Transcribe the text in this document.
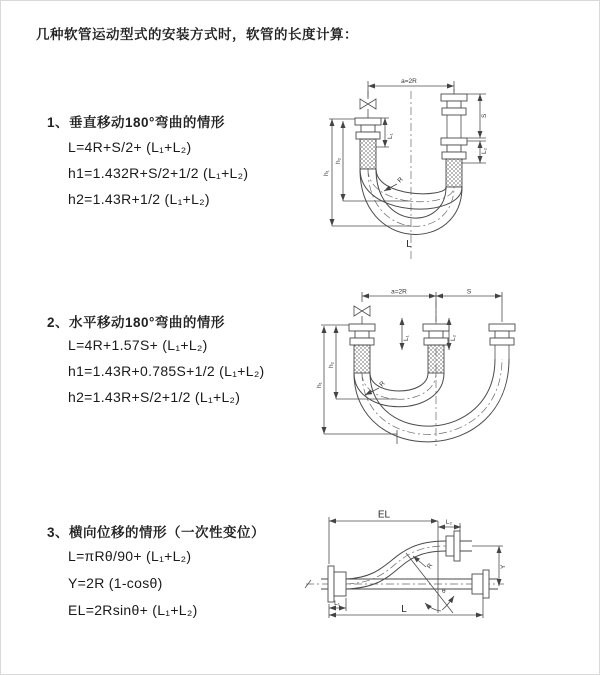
几种软管运动型式的安装方式时，软管的长度计算：
1、垂直移动180°弯曲的情形
L=4R+S/2+ (L₁+L₂)
h1=1.432R+S/2+1/2 (L₁+L₂)
h2=1.43R+1/2 (L₁+L₂)
2、水平移动180°弯曲的情形
L=4R+1.57S+ (L₁+L₂)
h1=1.43R+0.785S+1/2 (L₁+L₂)
h2=1.43R+S/2+1/2 (L₁+L₂)
3、横向位移的情形（一次性变位）
L=πRθ/90+ (L₁+L₂)
Y=2R (1-cosθ)
EL=2Rsinθ+ (L₁+L₂)
a=2R
h₁
h₂
L₁
S
L₂
R
L
a=2R	S
L₁	L₂
h₁
h₂
R
EL
L₂
Y
L
L₁
R
θ
